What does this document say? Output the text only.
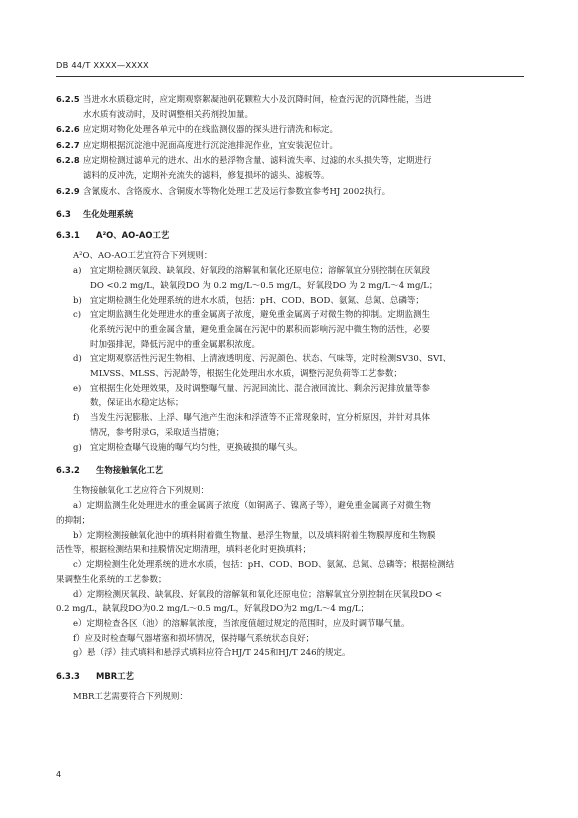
DB 44/T XXXX—XXXX
6.2.5 当进水水质稳定时，应定期观察絮凝池矾花颗粒大小及沉降时间，检查污泥的沉降性能，当进
水水质有波动时，及时调整相关药剂投加量。
6.2.6 应定期对物化处理各单元中的在线监测仪器的探头进行清洗和标定。
6.2.7 应定期根据沉淀池中泥面高度进行沉淀池排泥作业，宜安装泥位计。
6.2.8 应定期检测过滤单元的进水、出水的悬浮物含量、滤料流失率、过滤的水头损失等，定期进行
滤料的反冲洗，定期补充流失的滤料，修复损坏的滤头、滤板等。
6.2.9 含氰废水、含铬废水、含铜废水等物化处理工艺及运行参数宜参考HJ 2002执行。

6.3 生化处理系统

6.3.1 A²O、AO-AO工艺

A²O、AO-AO工艺宜符合下列规则：

a)	宜定期检测厌氧段、缺氧段、好氧段的溶解氧和氧化还原电位；溶解氧宜分别控制在厌氧段
DO <0.2 mg/L，缺氧段DO 为 0.2 mg/L～0.5 mg/L，好氧段DO 为 2 mg/L～4 mg/L；
b) 宜定期检测生化处理系统的进水水质，包括：pH、COD、BOD、氨氮、总氮、总磷等；
c)	宜定期监测生化处理进水的重金属离子浓度，避免重金属离子对微生物的抑制。定期监测生
化系统污泥中的重金属含量，避免重金属在污泥中的累积而影响污泥中微生物的活性，必要
时加强排泥，降低污泥中的重金属累积浓度。
d) 宜定期观察活性污泥生物相、上清液透明度、污泥颜色、状态、气味等，定时检测SV30、SVI、
MLVSS、MLSS、污泥龄等，根据生化处理出水水质，调整污泥负荷等工艺参数；
e)	宜根据生化处理效果，及时调整曝气量、污泥回流比、混合液回流比、剩余污泥排放量等参
数，保证出水稳定达标；
f)	当发生污泥膨胀、上浮、曝气池产生泡沫和浮渣等不正常现象时，宜分析原因，并针对具体
情况，参考附录G，采取适当措施；
g) 宜定期检查曝气设施的曝气均匀性，更换破损的曝气头。

6.3.2 生物接触氧化工艺

生物接触氧化工艺应符合下列规则：

a）定期监测生化处理进水的重金属离子浓度（如铜离子、镍离子等），避免重金属离子对微生物

的抑制；

b）定期检测接触氧化池中的填料附着微生物量、悬浮生物量，以及填料附着生物膜厚度和生物膜

活性等，根据检测结果和挂膜情况定期清理，填料老化时更换填料；

c）定期检测生化处理系统的进水水质，包括：pH、COD、BOD、氨氮、总氮、总磷等；根据检测结

果调整生化系统的工艺参数；

d）定期检测厌氧段、缺氧段、好氧段的溶解氧和氧化还原电位；溶解氧宜分别控制在厌氧段DO <

0.2 mg/L，缺氧段DO为0.2 mg/L～0.5 mg/L，好氧段DO为2 mg/L～4 mg/L；

e）定期检查各区（池）的溶解氧浓度，当浓度值超过规定的范围时，应及时调节曝气量。

f）应及时检查曝气器堵塞和损坏情况，保持曝气系统状态良好；

g）悬（浮）挂式填料和悬浮式填料应符合HJ/T 245和HJ/T 246的规定。

6.3.3 MBR工艺

MBR工艺需要符合下列规则：

4
